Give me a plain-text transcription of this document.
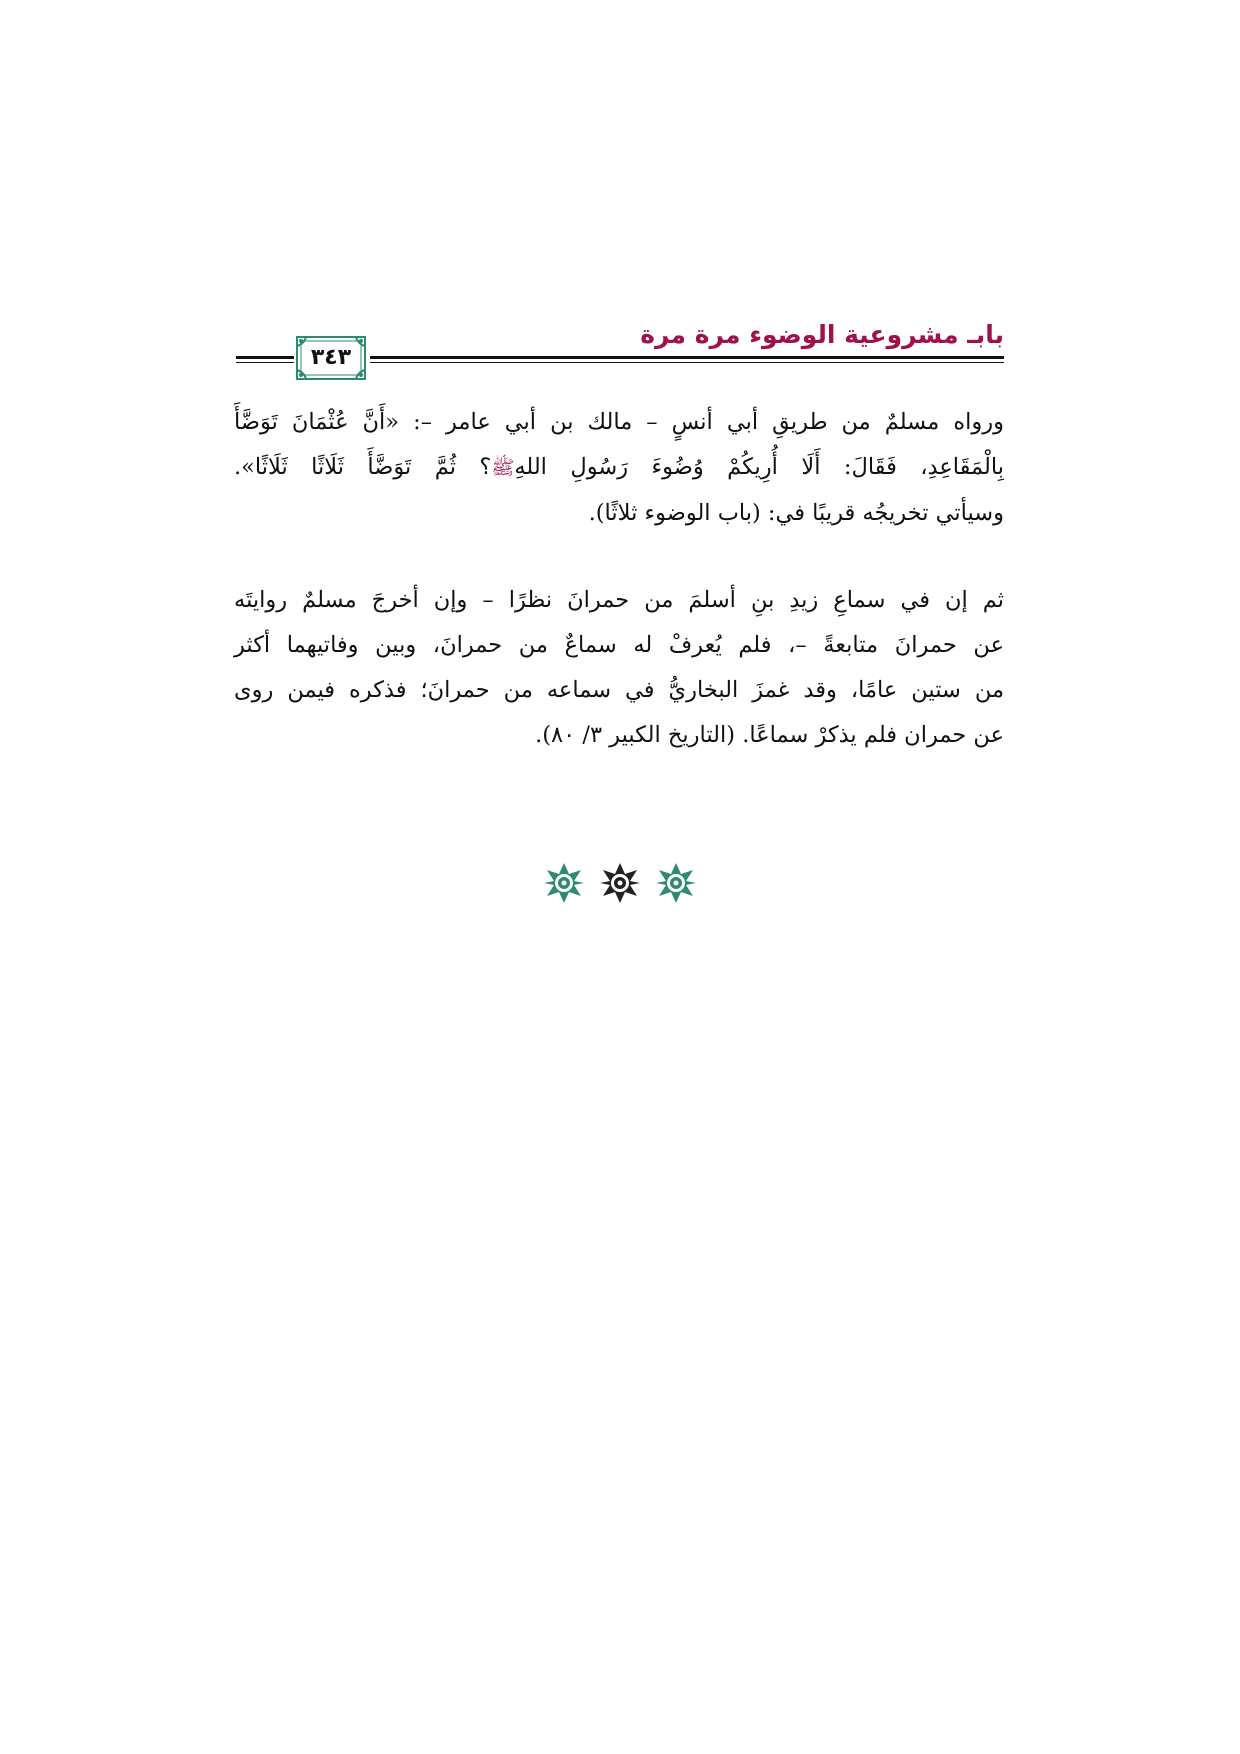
بابـ مشروعية الوضوء مرة مرة
٣٤٣
ورواه مسلمٌ من طريقِ أبي أنسٍ – مالك بن أبي عامر –: «أَنَّ عُثْمَانَ تَوَضَّأَ
بِالْمَقَاعِدِ، فَقَالَ: أَلَا أُرِيكُمْ وُضُوءَ رَسُولِ اللهِﷺ؟ ثُمَّ تَوَضَّأَ ثَلَاثًا ثَلَاثًا».
وسيأتي تخريجُه قريبًا في: (باب الوضوء ثلاثًا).
ثم إن في سماعِ زيدِ بنِ أسلمَ من حمرانَ نظرًا – وإن أخرجَ مسلمٌ روايتَه
عن حمرانَ متابعةً –، فلم يُعرفْ له سماعٌ من حمرانَ، وبين وفاتيهما أكثر
من ستين عامًا، وقد غمزَ البخاريُّ في سماعه من حمرانَ؛ فذكره فيمن روى
عن حمران فلم يذكرْ سماعًا. (التاريخ الكبير ٣/ ٨٠).
